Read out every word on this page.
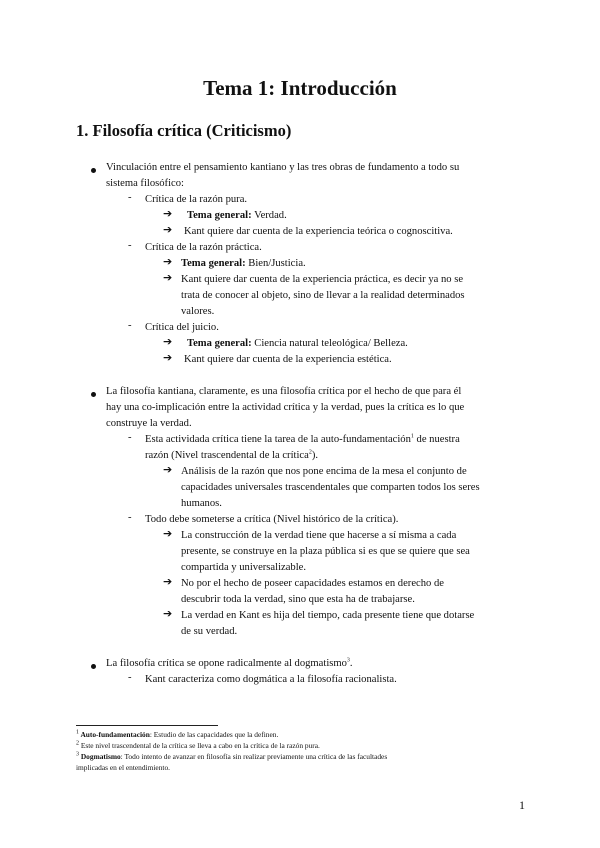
Tema 1: Introducción
1. Filosofía crítica (Criticismo)
Vinculación entre el pensamiento kantiano y las tres obras de fundamento a todo su
sistema filosófico:
- Crítica de la razón pura.
➔ Tema general: Verdad.
➔ Kant quiere dar cuenta de la experiencia teórica o cognoscitiva.
- Crítica de la razón práctica.
➔ Tema general: Bien/Justicia.
➔ Kant quiere dar cuenta de la experiencia práctica, es decir ya no se
trata de conocer al objeto, sino de llevar a la realidad determinados
valores.
- Crítica del juicio.
➔ Tema general: Ciencia natural teleológica/ Belleza.
➔ Kant quiere dar cuenta de la experiencia estética.
La filosofía kantiana, claramente, es una filosofía crítica por el hecho de que para él
hay una co-implicación entre la actividad crítica y la verdad, pues la crítica es lo que
construye la verdad.
- Esta actividada crítica tiene la tarea de la auto-fundamentación$^1$ de nuestra
razón (Nivel trascendental de la crítica$^2$).
➔ Análisis de la razón que nos pone encima de la mesa el conjunto de
capacidades universales trascendentales que comparten todos los seres
humanos.
- Todo debe someterse a crítica (Nivel histórico de la crítica).
➔ La construcción de la verdad tiene que hacerse a sí misma a cada
presente, se construye en la plaza pública si es que se quiere que sea
compartida y universalizable.
➔ No por el hecho de poseer capacidades estamos en derecho de
descubrir toda la verdad, sino que esta ha de trabajarse.
➔ La verdad en Kant es hija del tiempo, cada presente tiene que dotarse
de su verdad.
La filosofía crítica se opone radicalmente al dogmatismo$^3$.
- Kant caracteriza como dogmática a la filosofía racionalista.
$^1$ Auto-fundamentación: Estudio de las capacidades que la definen.
$^2$ Este nivel trascendental de la crítica se lleva a cabo en la crítica de la razón pura.
$^3$ Dogmatismo: Todo intento de avanzar en filosofía sin realizar previamente una crítica de las facultades
implicadas en el entendimiento.
1
